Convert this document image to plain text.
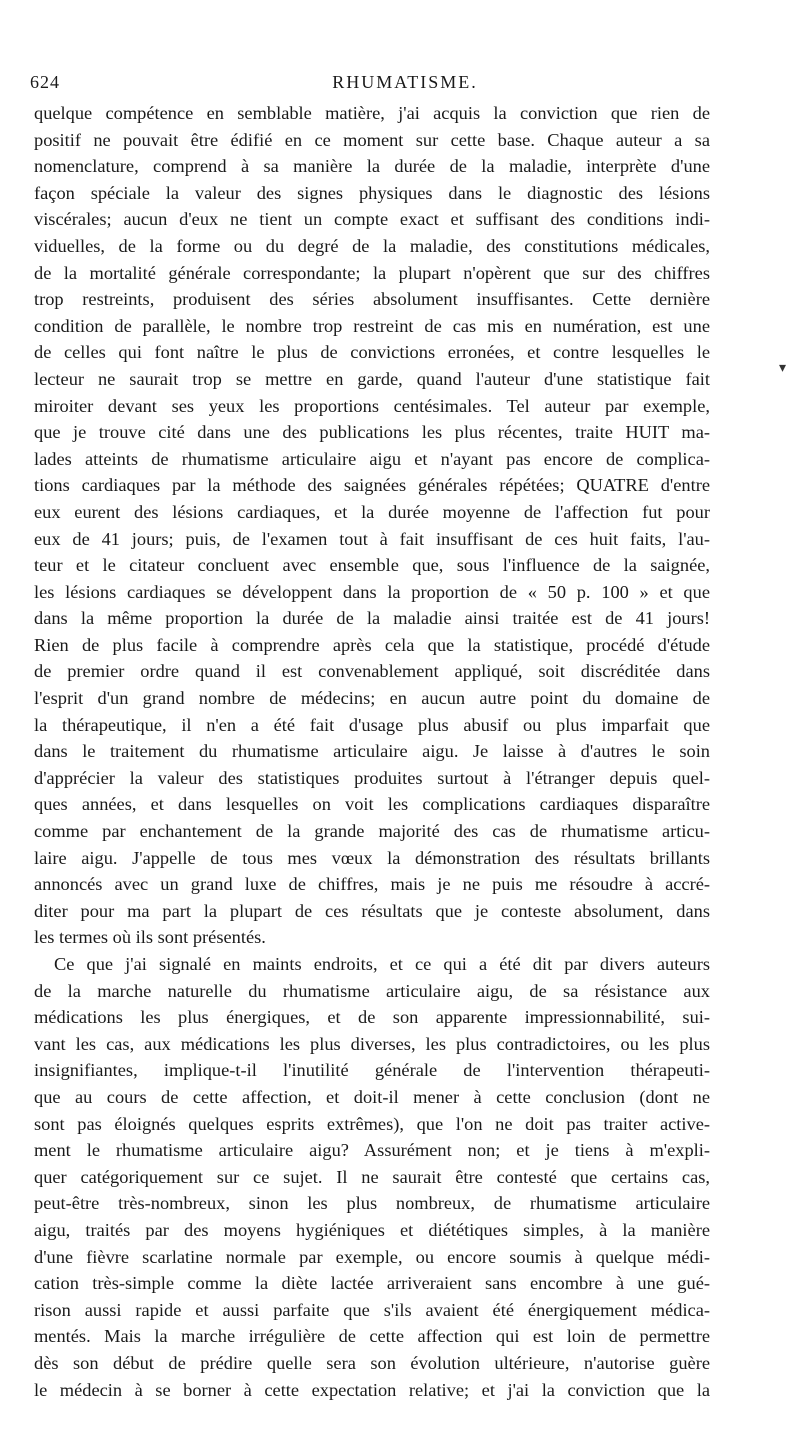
624	RHUMATISME.
▾
quelque compétence en semblable matière, j'ai acquis la conviction que rien de
positif ne pouvait être édifié en ce moment sur cette base. Chaque auteur a sa
nomenclature, comprend à sa manière la durée de la maladie, interprète d'une
façon spéciale la valeur des signes physiques dans le diagnostic des lésions
viscérales; aucun d'eux ne tient un compte exact et suffisant des conditions indi-
viduelles, de la forme ou du degré de la maladie, des constitutions médicales,
de la mortalité générale correspondante; la plupart n'opèrent que sur des chiffres
trop restreints, produisent des séries absolument insuffisantes. Cette dernière
condition de parallèle, le nombre trop restreint de cas mis en numération, est une
de celles qui font naître le plus de convictions erronées, et contre lesquelles le
lecteur ne saurait trop se mettre en garde, quand l'auteur d'une statistique fait
miroiter devant ses yeux les proportions centésimales. Tel auteur par exemple,
que je trouve cité dans une des publications les plus récentes, traite HUIT ma-
lades atteints de rhumatisme articulaire aigu et n'ayant pas encore de complica-
tions cardiaques par la méthode des saignées générales répétées; QUATRE d'entre
eux eurent des lésions cardiaques, et la durée moyenne de l'affection fut pour
eux de 41 jours; puis, de l'examen tout à fait insuffisant de ces huit faits, l'au-
teur et le citateur concluent avec ensemble que, sous l'influence de la saignée,
les lésions cardiaques se développent dans la proportion de « 50 p. 100 » et que
dans la même proportion la durée de la maladie ainsi traitée est de 41 jours!
Rien de plus facile à comprendre après cela que la statistique, procédé d'étude
de premier ordre quand il est convenablement appliqué, soit discréditée dans
l'esprit d'un grand nombre de médecins; en aucun autre point du domaine de
la thérapeutique, il n'en a été fait d'usage plus abusif ou plus imparfait que
dans le traitement du rhumatisme articulaire aigu. Je laisse à d'autres le soin
d'apprécier la valeur des statistiques produites surtout à l'étranger depuis quel-
ques années, et dans lesquelles on voit les complications cardiaques disparaître
comme par enchantement de la grande majorité des cas de rhumatisme articu-
laire aigu. J'appelle de tous mes vœux la démonstration des résultats brillants
annoncés avec un grand luxe de chiffres, mais je ne puis me résoudre à accré-
diter pour ma part la plupart de ces résultats que je conteste absolument, dans
les termes où ils sont présentés.
Ce que j'ai signalé en maints endroits, et ce qui a été dit par divers auteurs
de la marche naturelle du rhumatisme articulaire aigu, de sa résistance aux
médications les plus énergiques, et de son apparente impressionnabilité, sui-
vant les cas, aux médications les plus diverses, les plus contradictoires, ou les plus
insignifiantes, implique-t-il l'inutilité générale de l'intervention thérapeuti-
que au cours de cette affection, et doit-il mener à cette conclusion (dont ne
sont pas éloignés quelques esprits extrêmes), que l'on ne doit pas traiter active-
ment le rhumatisme articulaire aigu? Assurément non; et je tiens à m'expli-
quer catégoriquement sur ce sujet. Il ne saurait être contesté que certains cas,
peut-être très-nombreux, sinon les plus nombreux, de rhumatisme articulaire
aigu, traités par des moyens hygiéniques et diététiques simples, à la manière
d'une fièvre scarlatine normale par exemple, ou encore soumis à quelque médi-
cation très-simple comme la diète lactée arriveraient sans encombre à une gué-
rison aussi rapide et aussi parfaite que s'ils avaient été énergiquement médica-
mentés. Mais la marche irrégulière de cette affection qui est loin de permettre
dès son début de prédire quelle sera son évolution ultérieure, n'autorise guère
le médecin à se borner à cette expectation relative; et j'ai la conviction que la
